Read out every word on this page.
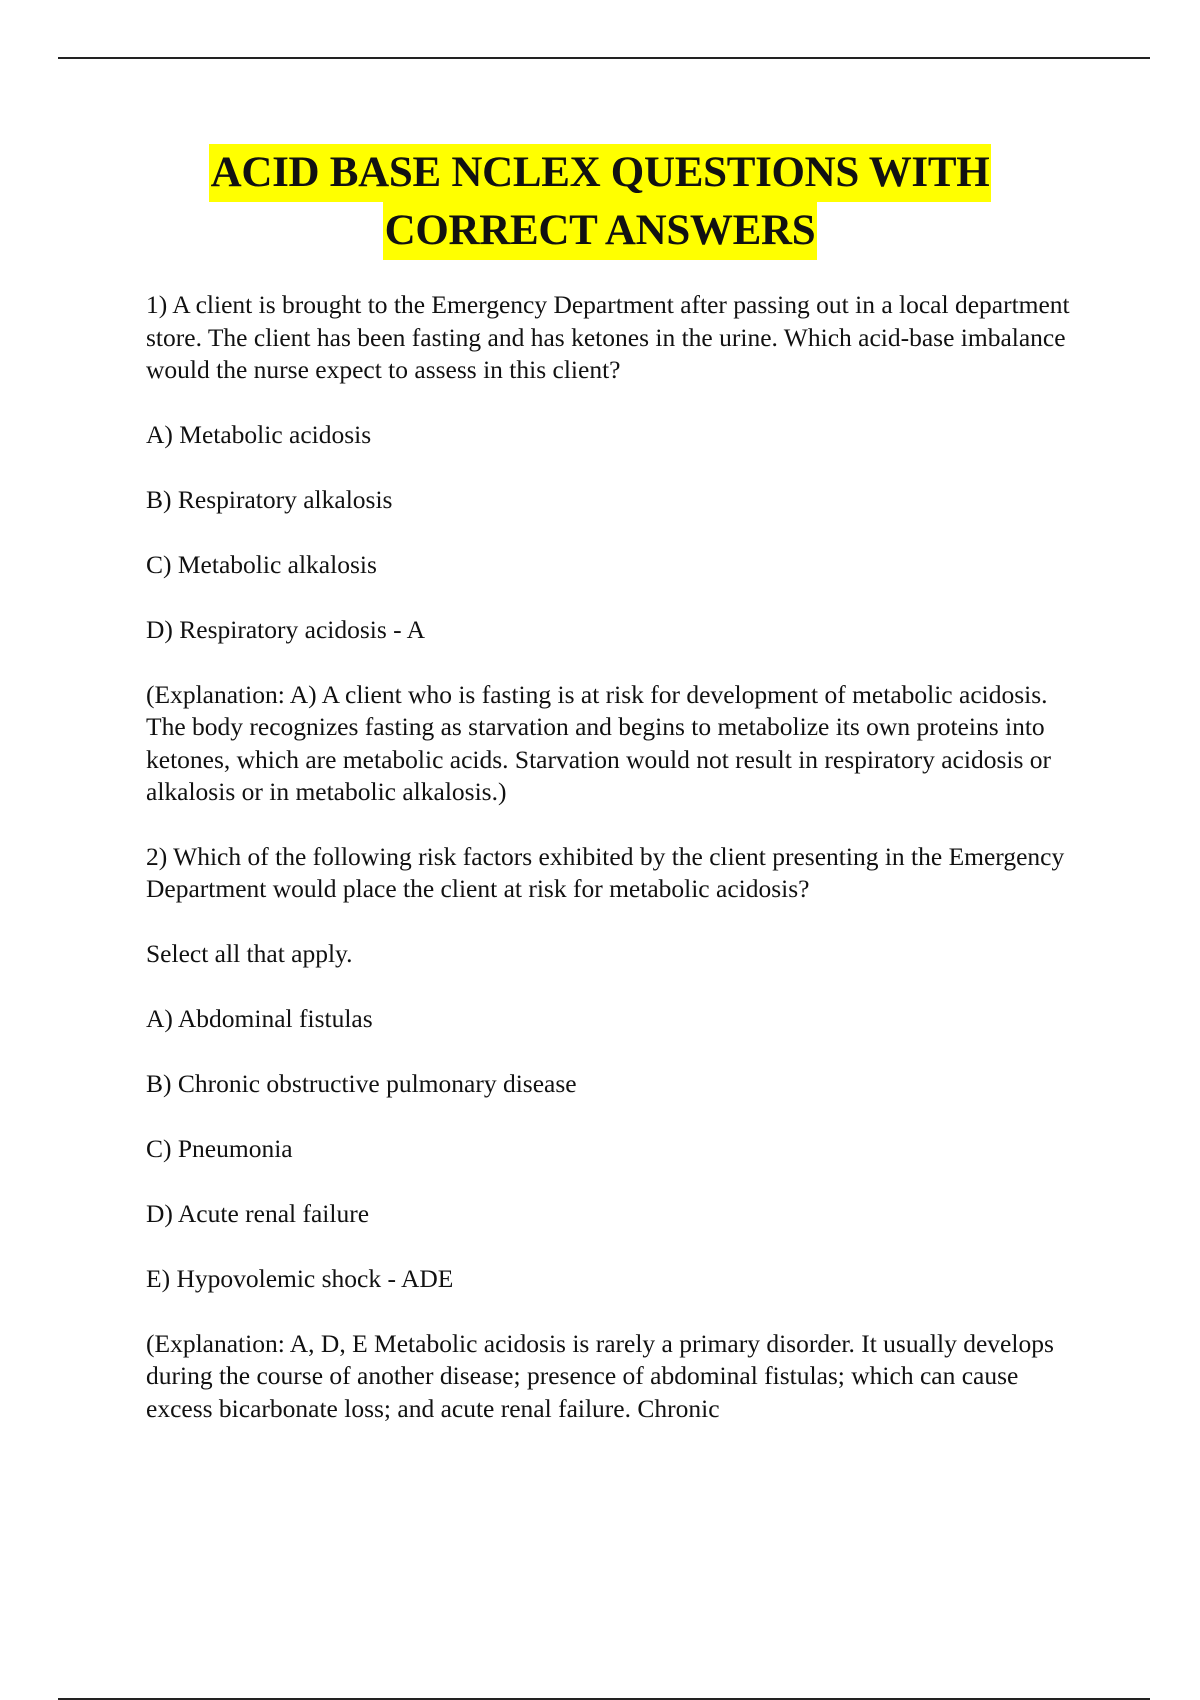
ACID BASE NCLEX QUESTIONS WITH
CORRECT ANSWERS

1) A client is brought to the Emergency Department after passing out in a local department store. The client has been fasting and has ketones in the urine. Which acid-base imbalance would the nurse expect to assess in this client?

A) Metabolic acidosis

B) Respiratory alkalosis

C) Metabolic alkalosis

D) Respiratory acidosis - A

(Explanation: A) A client who is fasting is at risk for development of metabolic acidosis. The body recognizes fasting as starvation and begins to metabolize its own proteins into ketones, which are metabolic acids. Starvation would not result in respiratory acidosis or alkalosis or in metabolic alkalosis.)

2) Which of the following risk factors exhibited by the client presenting in the Emergency Department would place the client at risk for metabolic acidosis?

Select all that apply.

A) Abdominal fistulas

B) Chronic obstructive pulmonary disease

C) Pneumonia

D) Acute renal failure

E) Hypovolemic shock - ADE

(Explanation: A, D, E Metabolic acidosis is rarely a primary disorder. It usually develops during the course of another disease; presence of abdominal fistulas; which can cause excess bicarbonate loss; and acute renal failure. Chronic
